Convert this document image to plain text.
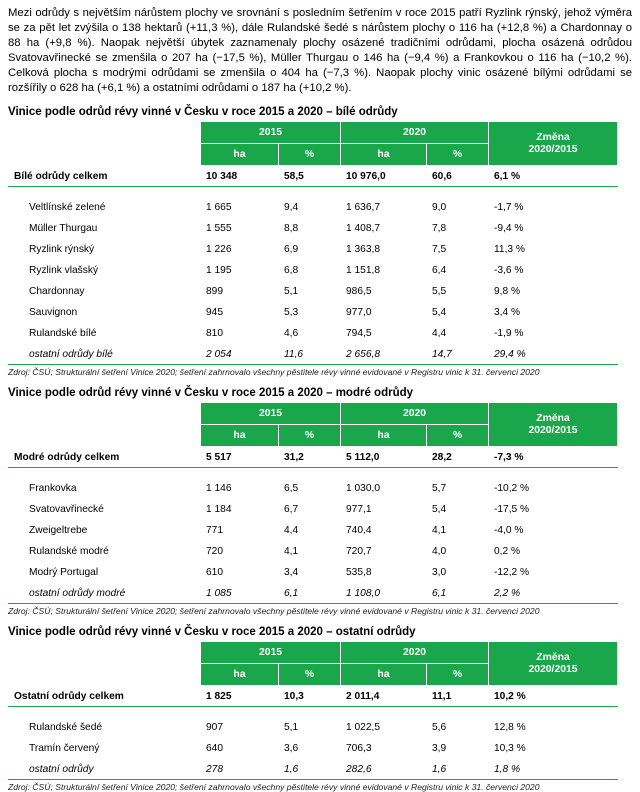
Mezi odrůdy s největším nárůstem plochy ve srovnání s posledním šetřením v roce 2015 patří Ryzlink rýnský, jehož výměra se za pět let zvýšila o 138 hektarů (+11,3 %), dále Rulandské šedé s nárůstem plochy o 116 ha (+12,8 %) a Chardonnay o 88 ha (+9,8 %). Naopak největší úbytek zaznamenaly plochy osázené tradičními odrůdami, plocha osázená odrůdou Svatovavřinecké se zmenšila o 207 ha (−17,5 %), Müller Thurgau o 146 ha (−9,4 %) a Frankovkou o 116 ha (−10,2 %). Celková plocha s modrými odrůdami se zmenšila o 404 ha (−7,3 %). Naopak plochy vinic osázené bílými odrůdami se rozšířily o 628 ha (+6,1 %) a ostatními odrůdami o 187 ha (+10,2 %).

Vinice podle odrůd révy vinné v Česku v roce 2015 a 2020 – bílé odrůdy
	2015		2020		Změna
2020/2015
	ha	%	ha	%	
Bílé odrůdy celkem	10 348	58,5	10 976,0	60,6	6,1 %

Veltlínské zelené	1 665	9,4	1 636,7	9,0	-1,7 %
Müller Thurgau	1 555	8,8	1 408,7	7,8	-9,4 %
Ryzlink rýnský	1 226	6,9	1 363,8	7,5	11,3 %
Ryzlink vlašský	1 195	6,8	1 151,8	6,4	-3,6 %
Chardonnay	899	5,1	986,5	5,5	9,8 %
Sauvignon	945	5,3	977,0	5,4	3,4 %
Rulandské bílé	810	4,6	794,5	4,4	-1,9 %
ostatní odrůdy bílé	2 054	11,6	2 656,8	14,7	29,4 %
Zdroj: ČSÚ; Strukturální šetření Vinice 2020; šetření zahrnovalo všechny pěstitele révy vinné evidované v Registru vinic k 31. červenci 2020
Vinice podle odrůd révy vinné v Česku v roce 2015 a 2020 – modré odrůdy
	2015		2020		Změna
2020/2015
	ha	%	ha	%	
Modré odrůdy celkem	5 517	31,2	5 112,0	28,2	-7,3 %

Frankovka	1 146	6,5	1 030,0	5,7	-10,2 %
Svatovavřinecké	1 184	6,7	977,1	5,4	-17,5 %
Zweigeltrebe	771	4,4	740,4	4,1	-4,0 %
Rulandské modré	720	4,1	720,7	4,0	0,2 %
Modrý Portugal	610	3,4	535,8	3,0	-12,2 %
ostatní odrůdy modré	1 085	6,1	1 108,0	6,1	2,2 %
Zdroj: ČSÚ; Strukturální šetření Vinice 2020; šetření zahrnovalo všechny pěstitele révy vinné evidované v Registru vinic k 31. červenci 2020
Vinice podle odrůd révy vinné v Česku v roce 2015 a 2020 – ostatní odrůdy
	2015		2020		Změna
2020/2015
	ha	%	ha	%	
Ostatní odrůdy celkem	1 825	10,3	2 011,4	11,1	10,2 %

Rulandské šedé	907	5,1	1 022,5	5,6	12,8 %
Tramín červený	640	3,6	706,3	3,9	10,3 %
ostatní odrůdy	278	1,6	282,6	1,6	1,8 %
Zdroj: ČSÚ; Strukturální šetření Vinice 2020; šetření zahrnovalo všechny pěstitele révy vinné evidované v Registru vinic k 31. červenci 2020
